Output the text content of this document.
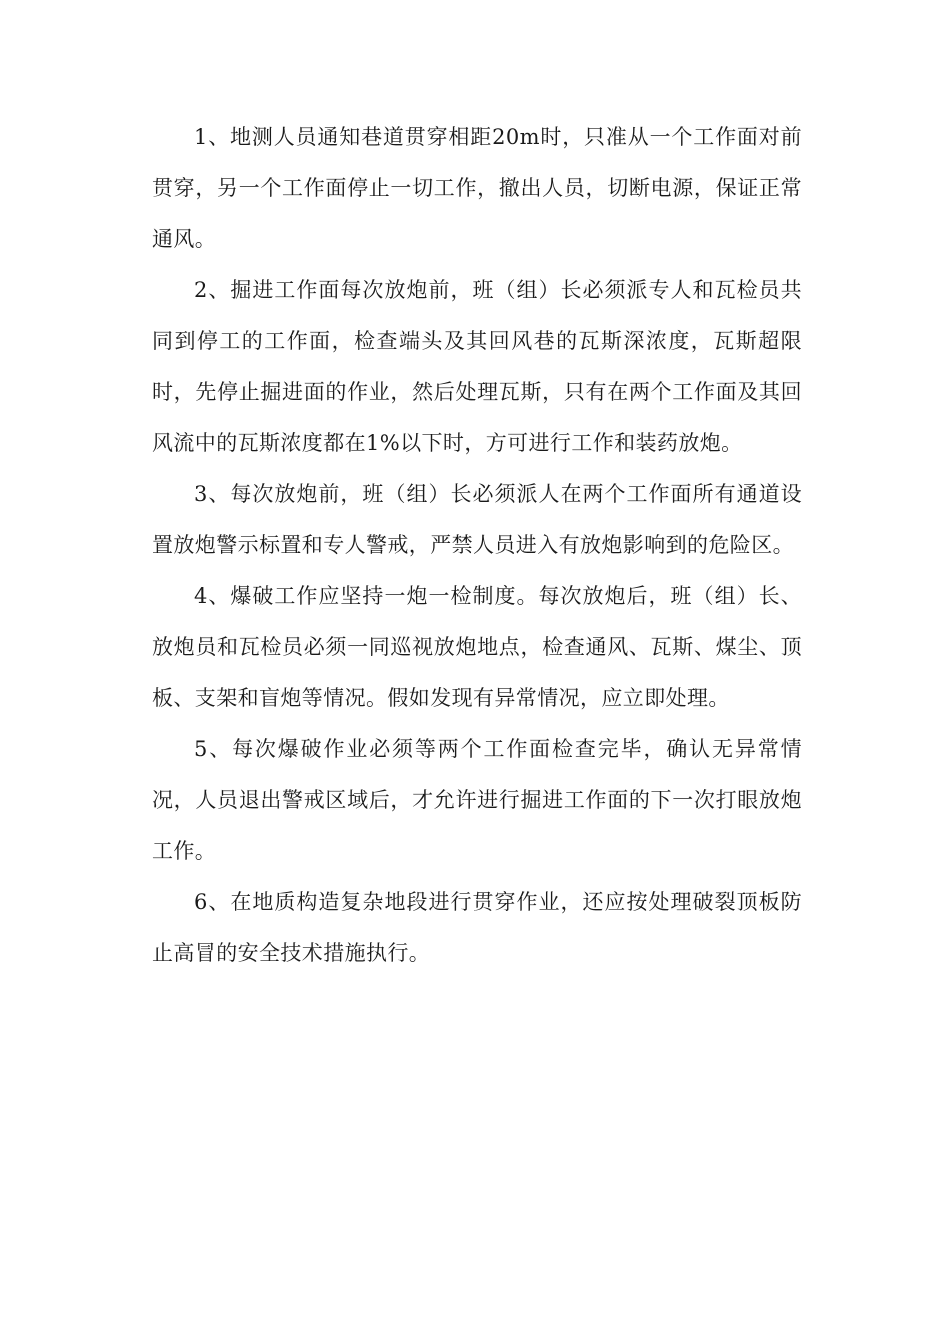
1、地测人员通知巷道贯穿相距20m时，只准从一个工作面对前贯穿，另一个工作面停止一切工作，撤出人员，切断电源，保证正常通风。

2、掘进工作面每次放炮前，班（组）长必须派专人和瓦检员共同到停工的工作面，检查端头及其回风巷的瓦斯深浓度，瓦斯超限时，先停止掘进面的作业，然后处理瓦斯，只有在两个工作面及其回风流中的瓦斯浓度都在1%以下时，方可进行工作和装药放炮。

3、每次放炮前，班（组）长必须派人在两个工作面所有通道设置放炮警示标置和专人警戒，严禁人员进入有放炮影响到的危险区。

4、爆破工作应坚持一炮一检制度。每次放炮后，班（组）长、放炮员和瓦检员必须一同巡视放炮地点，检查通风、瓦斯、煤尘、顶板、支架和盲炮等情况。假如发现有异常情况，应立即处理。

5、每次爆破作业必须等两个工作面检查完毕，确认无异常情况，人员退出警戒区域后，才允许进行掘进工作面的下一次打眼放炮工作。

6、在地质构造复杂地段进行贯穿作业，还应按处理破裂顶板防止高冒的安全技术措施执行。
